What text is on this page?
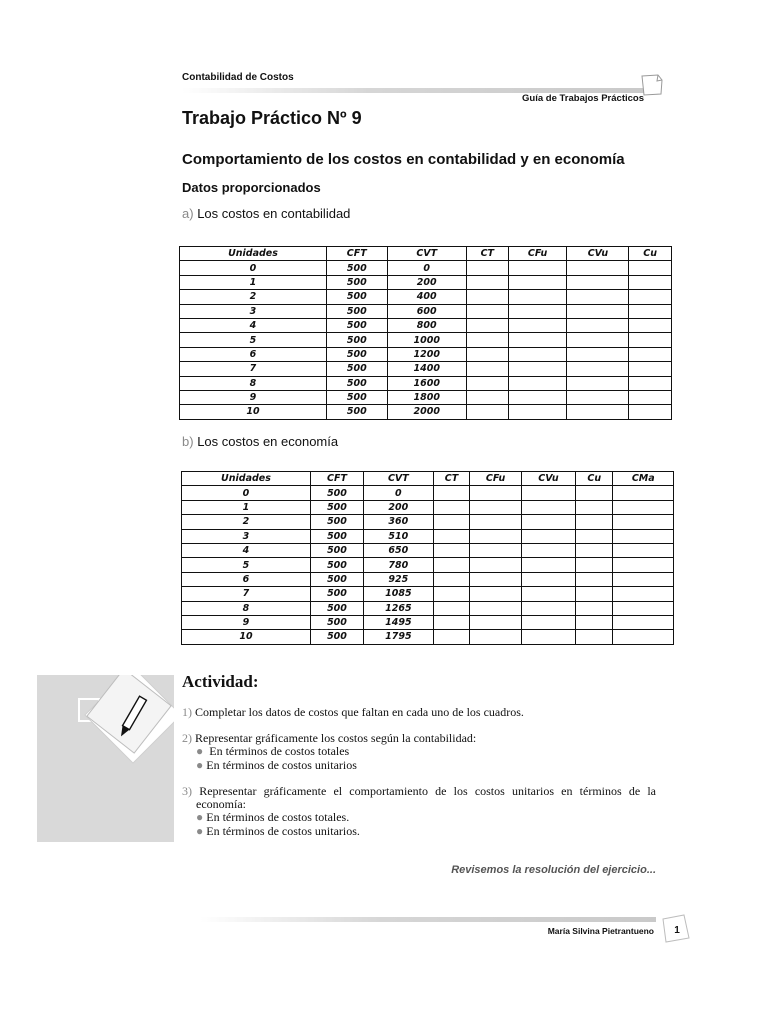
Contabilidad de Costos
Guía de Trabajos Prácticos
Trabajo Práctico Nº 9
Comportamiento de los costos en contabilidad y en economía
Datos proporcionados
a) Los costos en contabilidad
Unidades	CFT	CVT	CT	CFu	CVu	Cu
0	500	0				
1	500	200				
2	500	400				
3	500	600				
4	500	800				
5	500	1000				
6	500	1200				
7	500	1400				
8	500	1600				
9	500	1800				
10	500	2000				
b) Los costos en economía
Unidades	CFT	CVT	CT	CFu	CVu	Cu	CMa
0	500	0					
1	500	200					
2	500	360					
3	500	510					
4	500	650					
5	500	780					
6	500	925					
7	500	1085					
8	500	1265					
9	500	1495					
10	500	1795					
Actividad:
1) Completar los datos de costos que faltan en cada uno de los cuadros.
2) Representar gráficamente los costos según la contabilidad:
● En términos de costos totales
● En términos de costos unitarios
3) Representar gráficamente el comportamiento de los costos unitarios en términos de la
economía:
● En términos de costos totales.
● En términos de costos unitarios.
Revisemos la resolución del ejercicio...
María Silvina Pietrantueno	1
